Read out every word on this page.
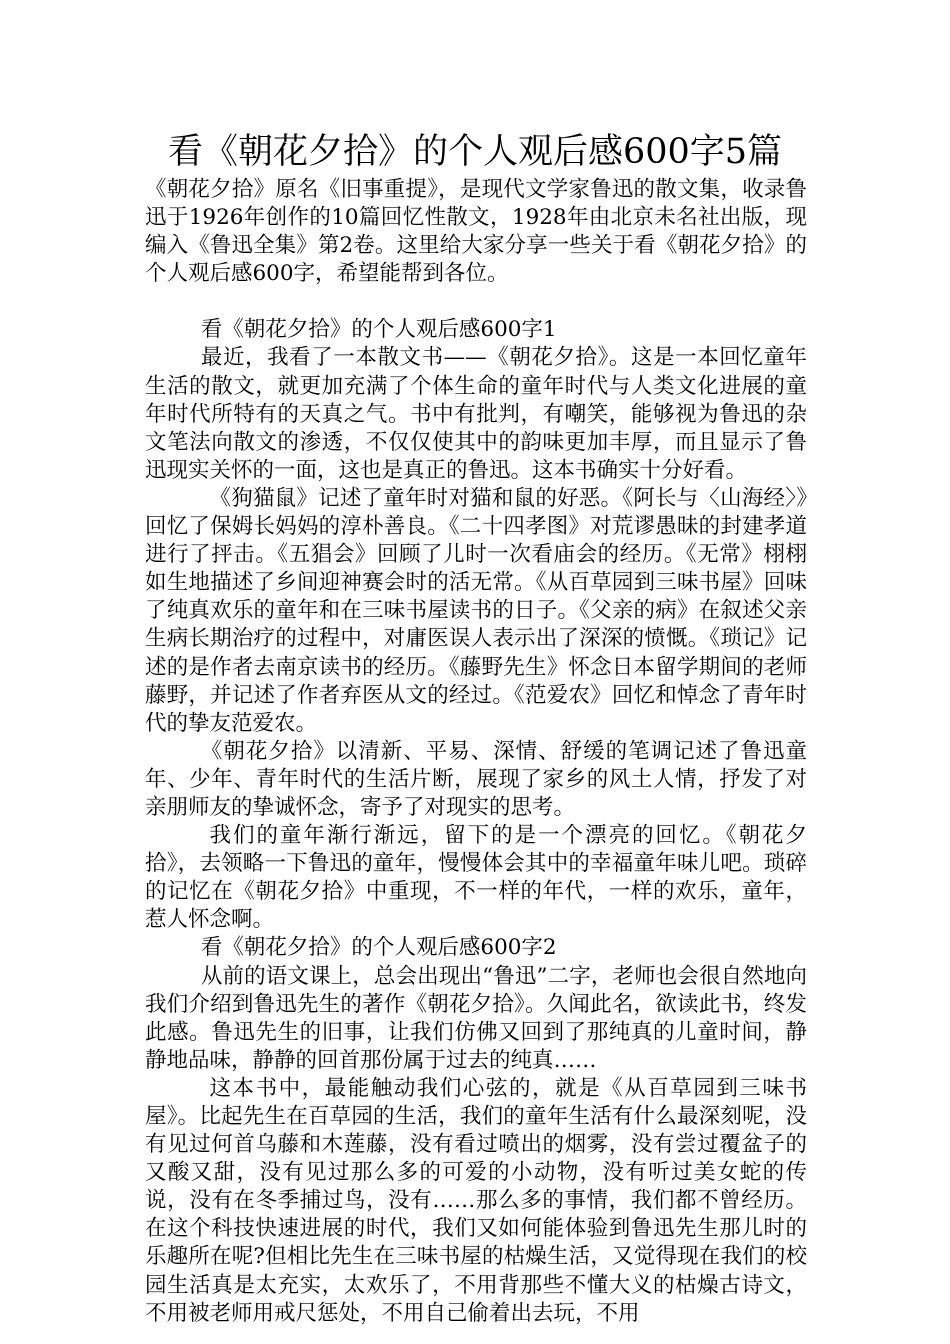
看《朝花夕拾》的个人观后感600字5篇

《朝花夕拾》原名《旧事重提》，是现代文学家鲁迅的散文集，收录鲁迅于1926年创作的10篇回忆性散文，1928年由北京未名社出版，现编入《鲁迅全集》第2卷。这里给大家分享一些关于看《朝花夕拾》的个人观后感600字，希望能帮到各位。

看《朝花夕拾》的个人观后感600字1

最近，我看了一本散文书——《朝花夕拾》。这是一本回忆童年生活的散文，就更加充满了个体生命的童年时代与人类文化进展的童年时代所特有的天真之气。书中有批判，有嘲笑，能够视为鲁迅的杂文笔法向散文的渗透，不仅仅使其中的韵味更加丰厚，而且显示了鲁迅现实关怀的一面，这也是真正的鲁迅。这本书确实十分好看。

《狗猫鼠》记述了童年时对猫和鼠的好恶。《阿长与〈山海经〉》回忆了保姆长妈妈的淳朴善良。《二十四孝图》对荒谬愚昧的封建孝道进行了抨击。《五猖会》回顾了儿时一次看庙会的经历。《无常》栩栩如生地描述了乡间迎神赛会时的活无常。《从百草园到三味书屋》回味了纯真欢乐的童年和在三味书屋读书的日子。《父亲的病》在叙述父亲生病长期治疗的过程中，对庸医误人表示出了深深的愤慨。《琐记》记述的是作者去南京读书的经历。《藤野先生》怀念日本留学期间的老师藤野，并记述了作者弃医从文的经过。《范爱农》回忆和悼念了青年时代的挚友范爱农。

《朝花夕拾》以清新、平易、深情、舒缓的笔调记述了鲁迅童年、少年、青年时代的生活片断，展现了家乡的风土人情，抒发了对亲朋师友的挚诚怀念，寄予了对现实的思考。

我们的童年渐行渐远，留下的是一个漂亮的回忆。《朝花夕拾》，去领略一下鲁迅的童年，慢慢体会其中的幸福童年味儿吧。琐碎的记忆在《朝花夕拾》中重现，不一样的年代，一样的欢乐，童年，惹人怀念啊。

看《朝花夕拾》的个人观后感600字2

从前的语文课上，总会出现出“鲁迅”二字，老师也会很自然地向我们介绍到鲁迅先生的著作《朝花夕拾》。久闻此名，欲读此书，终发此感。鲁迅先生的旧事，让我们仿佛又回到了那纯真的儿童时间，静静地品味，静静的回首那份属于过去的纯真……

这本书中，最能触动我们心弦的，就是《从百草园到三味书屋》。比起先生在百草园的生活，我们的童年生活有什么最深刻呢，没有见过何首乌藤和木莲藤，没有看过喷出的烟雾，没有尝过覆盆子的又酸又甜，没有见过那么多的可爱的小动物，没有听过美女蛇的传说，没有在冬季捕过鸟，没有……那么多的事情，我们都不曾经历。在这个科技快速进展的时代，我们又如何能体验到鲁迅先生那儿时的乐趣所在呢?但相比先生在三味书屋的枯燥生活，又觉得现在我们的校园生活真是太充实，太欢乐了，不用背那些不懂大义的枯燥古诗文，不用被老师用戒尺惩处，不用自己偷着出去玩，不用
